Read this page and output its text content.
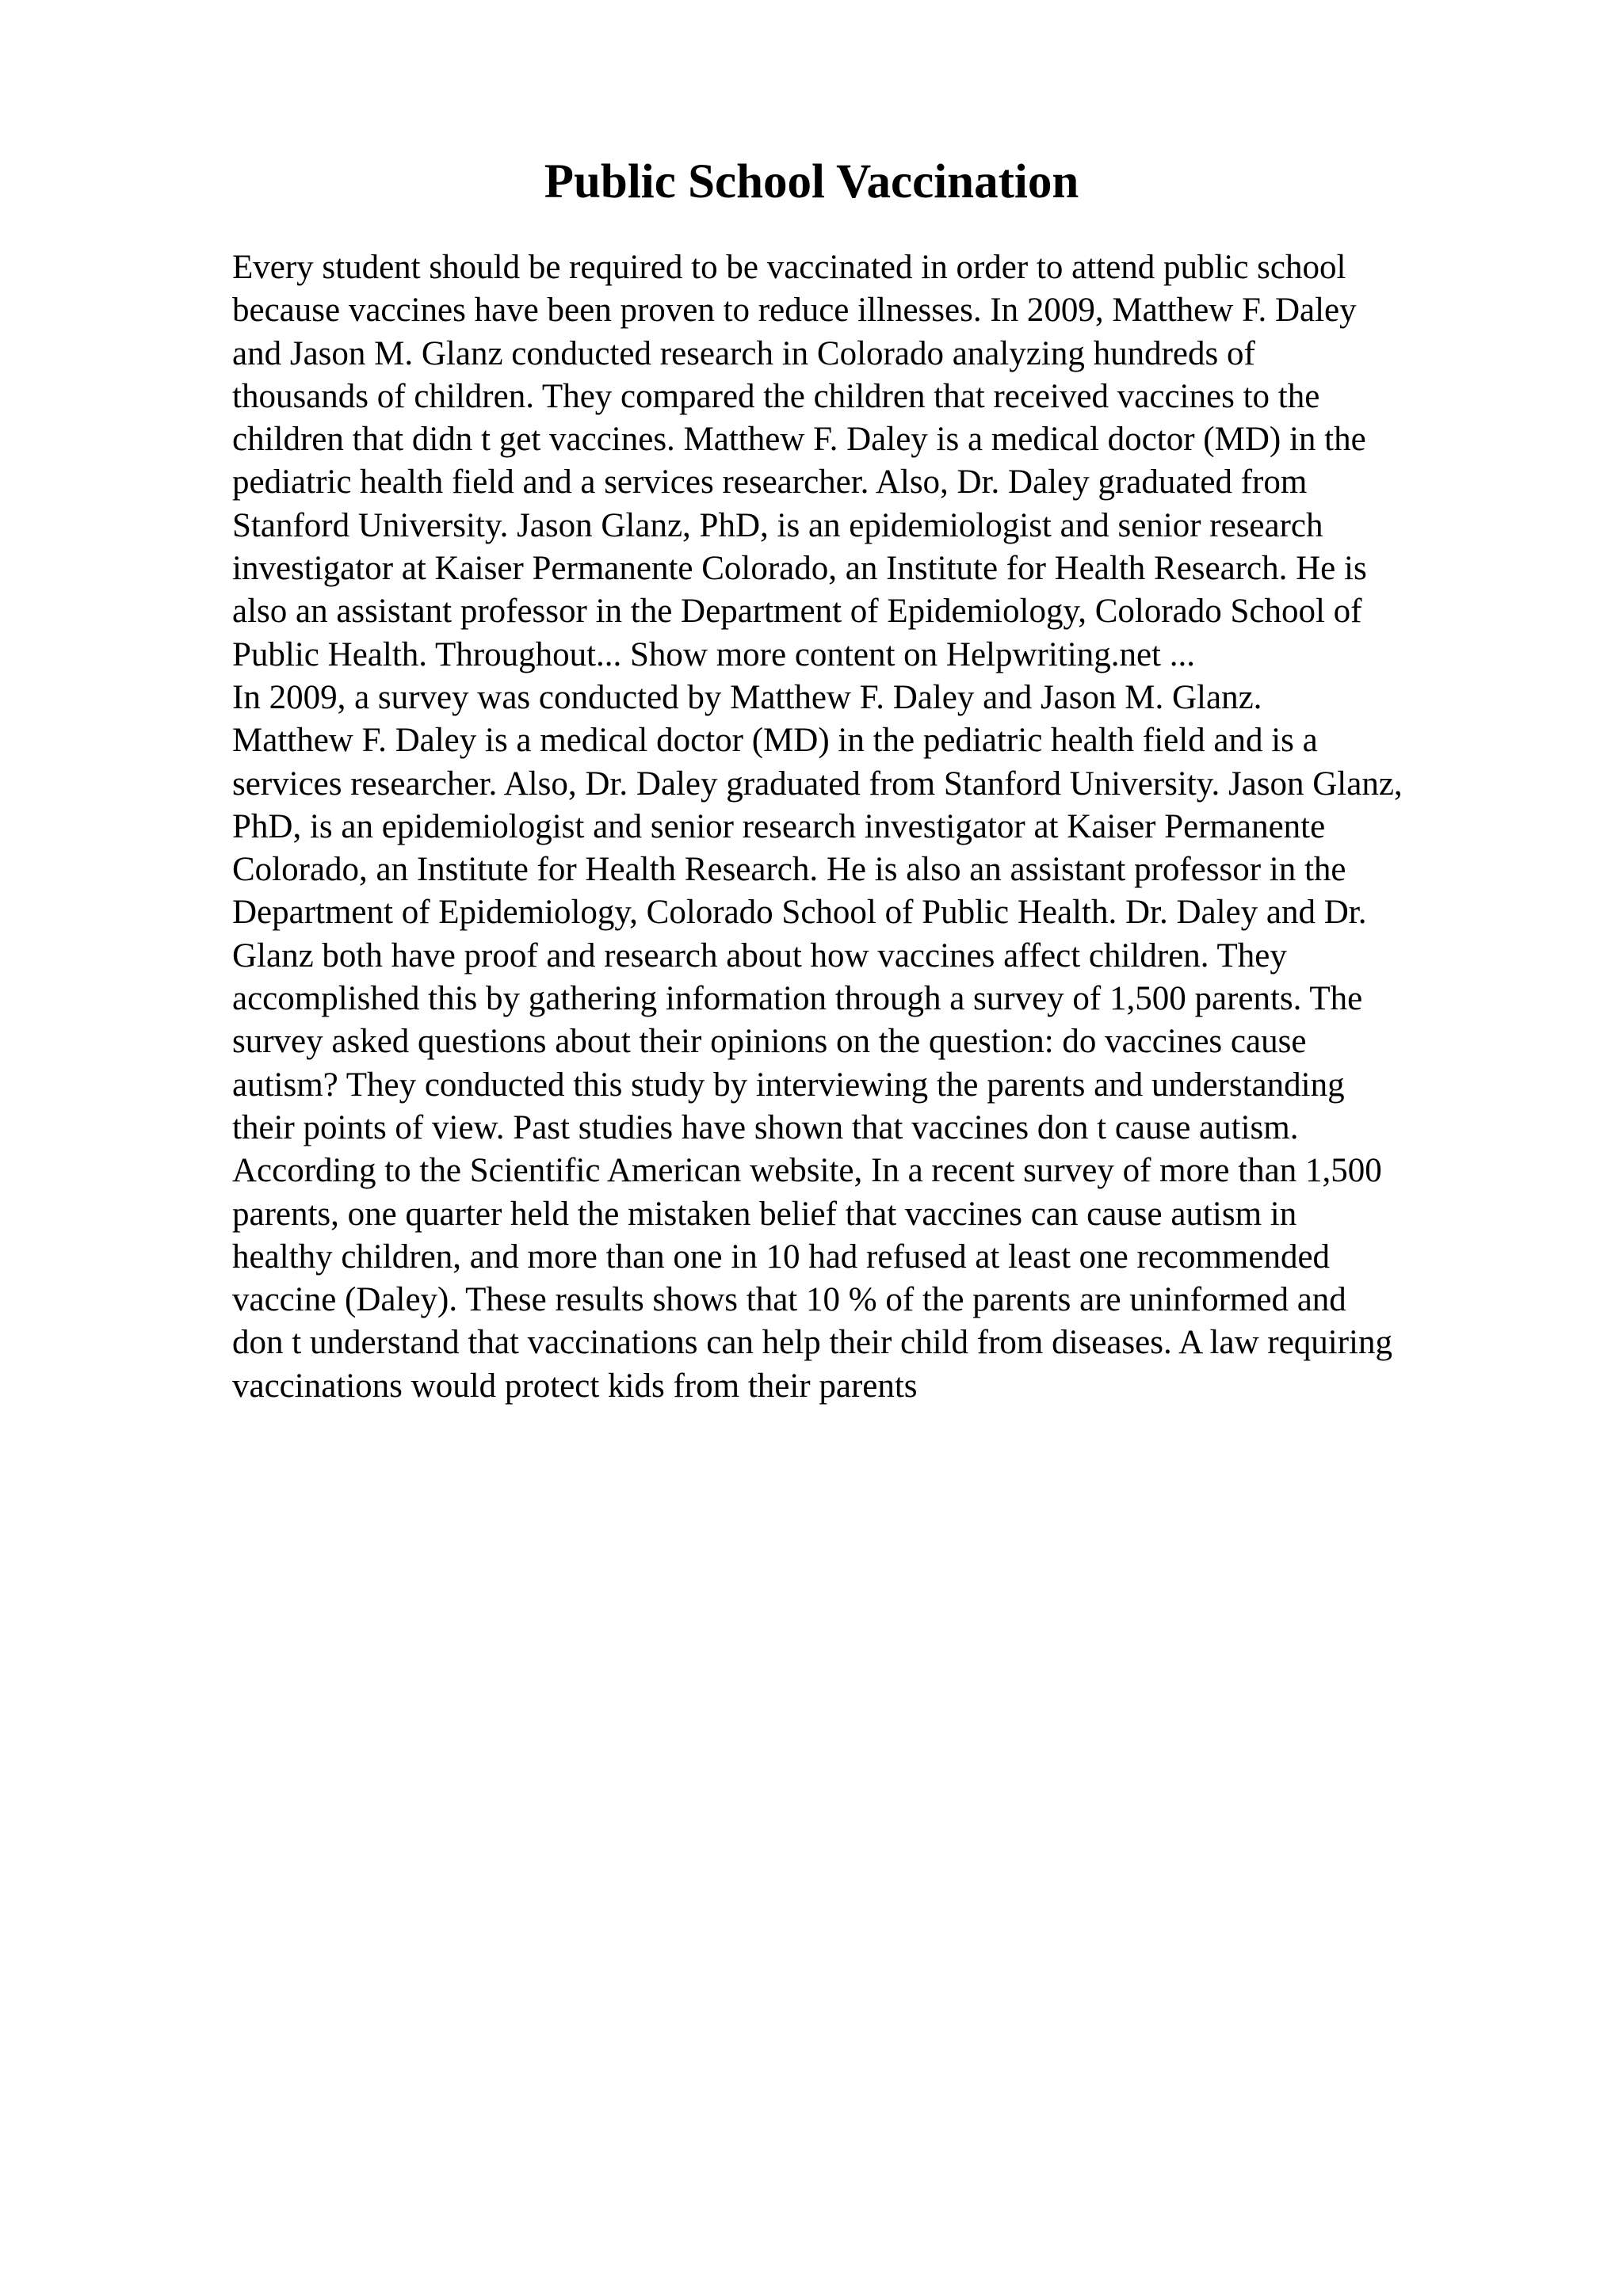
Public School Vaccination
Every student should be required to be vaccinated in order to attend public school
because vaccines have been proven to reduce illnesses. In 2009, Matthew F. Daley
and Jason M. Glanz conducted research in Colorado analyzing hundreds of
thousands of children. They compared the children that received vaccines to the
children that didn t get vaccines. Matthew F. Daley is a medical doctor (MD) in the
pediatric health field and a services researcher. Also, Dr. Daley graduated from
Stanford University. Jason Glanz, PhD, is an epidemiologist and senior research
investigator at Kaiser Permanente Colorado, an Institute for Health Research. He is
also an assistant professor in the Department of Epidemiology, Colorado School of
Public Health. Throughout... Show more content on Helpwriting.net ...
In 2009, a survey was conducted by Matthew F. Daley and Jason M. Glanz.
Matthew F. Daley is a medical doctor (MD) in the pediatric health field and is a
services researcher. Also, Dr. Daley graduated from Stanford University. Jason Glanz,
PhD, is an epidemiologist and senior research investigator at Kaiser Permanente
Colorado, an Institute for Health Research. He is also an assistant professor in the
Department of Epidemiology, Colorado School of Public Health. Dr. Daley and Dr.
Glanz both have proof and research about how vaccines affect children. They
accomplished this by gathering information through a survey of 1,500 parents. The
survey asked questions about their opinions on the question: do vaccines cause
autism? They conducted this study by interviewing the parents and understanding
their points of view. Past studies have shown that vaccines don t cause autism.
According to the Scientific American website, In a recent survey of more than 1,500
parents, one quarter held the mistaken belief that vaccines can cause autism in
healthy children, and more than one in 10 had refused at least one recommended
vaccine (Daley). These results shows that 10 % of the parents are uninformed and
don t understand that vaccinations can help their child from diseases. A law requiring
vaccinations would protect kids from their parents
